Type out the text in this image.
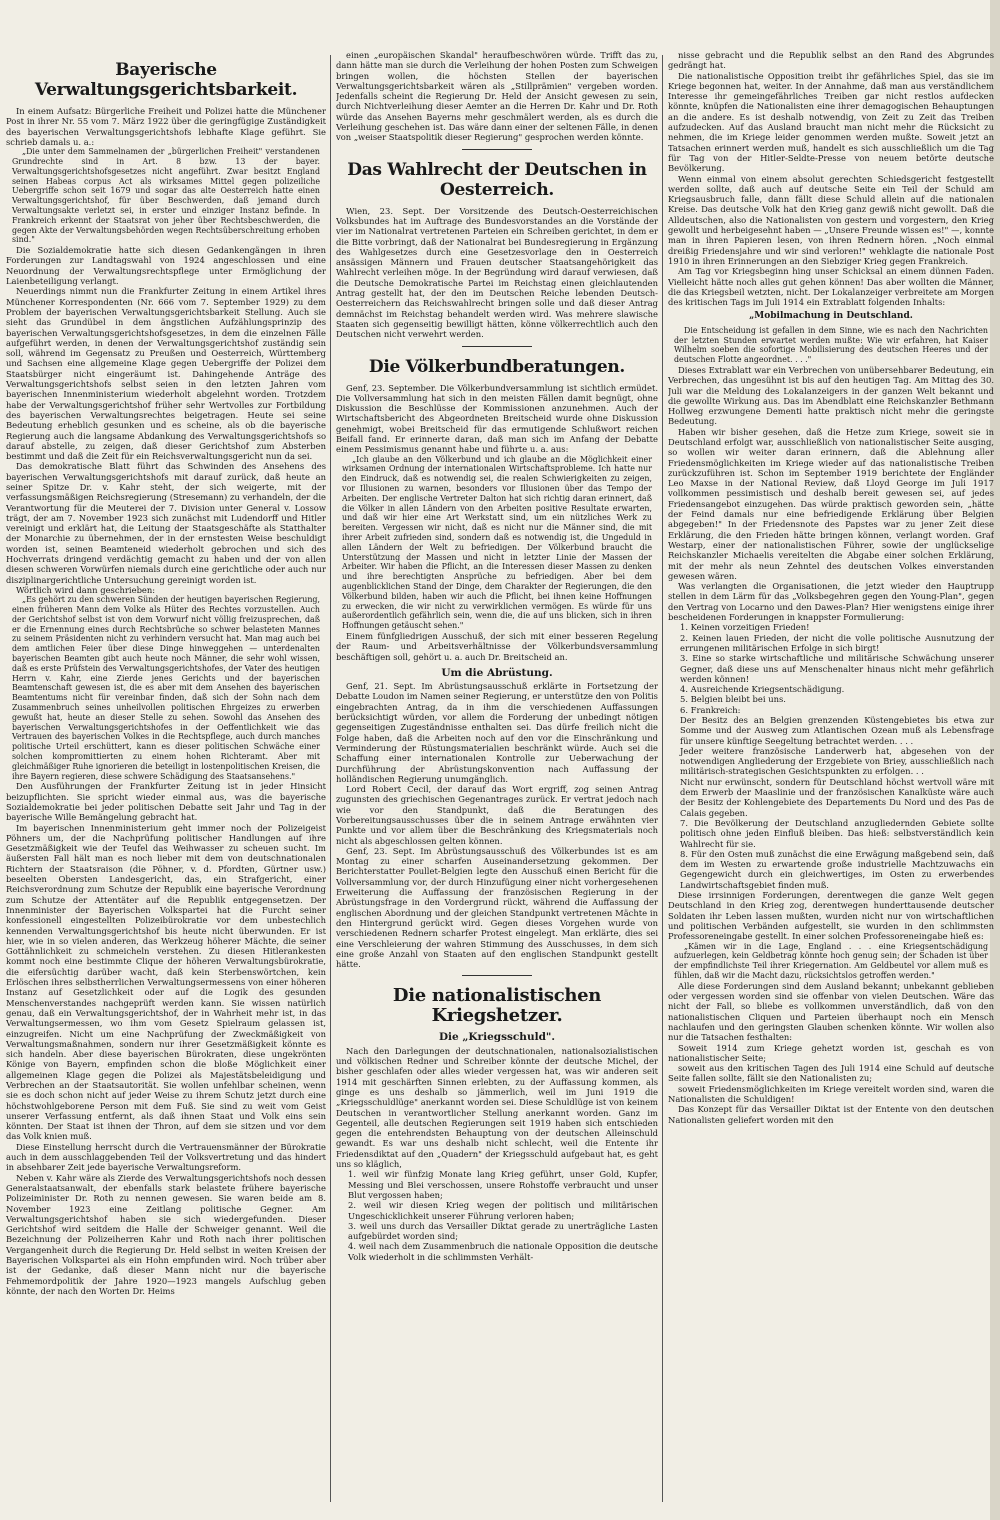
Bayerische Verwaltungsgerichtsbarkeit.

In einem Aufsatz: Bürgerliche Freiheit und Polizei hatte die Münchener Post in ihrer Nr. 55 vom 7. März 1922 über die geringfügige Zuständigkeit des bayerischen Verwaltungsgerichtshofs lebhafte Klage geführt. Sie schrieb damals u. a.:

„Die unter dem Sammelnamen der „bürgerlichen Freiheit" verstandenen Grundrechte sind in Art. 8 bzw. 13 der bayer. Verwaltungsgerichtshofsgesetzes nicht angeführt. Zwar besitzt England seinen Habeas corpus Act als wirksames Mittel gegen polizeiliche Uebergriffe schon seit 1679 und sogar das alte Oesterreich hatte einen Verwaltungsgerichtshof, für über Beschwerden, daß jemand durch Verwaltungsakte verletzt sei, in erster und einziger Instanz befinde. In Frankreich erkennt der Staatsrat von jeher über Rechtsbeschwerden, die gegen Akte der Verwaltungsbehörden wegen Rechtsüberschreitung erhoben sind."

Die Sozialdemokratie hatte sich diesen Gedankengängen in ihren Forderungen zur Landtagswahl von 1924 angeschlossen und eine Neuordnung der Verwaltungsrechtspflege unter Ermöglichung der Laienbeteiligung verlangt.

Neuerdings nimmt nun die Frankfurter Zeitung in einem Artikel ihres Münchener Korrespondenten (Nr. 666 vom 7. September 1929) zu dem Problem der bayerischen Verwaltungsgerichtsbarkeit Stellung. Auch sie sieht das Grundübel in dem ängstlichen Aufzählungsprinzip des bayerischen Verwaltungsgerichtshofsgesetzes, in dem die einzelnen Fälle aufgeführt werden, in denen der Verwaltungsgerichtshof zuständig sein soll, während im Gegensatz zu Preußen und Oesterreich, Württemberg und Sachsen eine allgemeine Klage gegen Uebergriffe der Polizei dem Staatsbürger nicht eingeräumt ist. Dahingehende Anträge des Verwaltungsgerichtshofs selbst seien in den letzten Jahren vom bayerischen Innenministerium wiederholt abgelehnt worden. Trotzdem habe der Verwaltungsgerichtshof früher sehr Wertvolles zur Fortbildung des bayerischen Verwaltungsrechtes beigetragen. Heute sei seine Bedeutung erheblich gesunken und es scheine, als ob die bayerische Regierung auch die langsame Abdankung des Verwaltungsgerichtshofs so darauf abstelle, zu zeigen, daß dieser Gerichtshof zum Absterben bestimmt und daß die Zeit für ein Reichsverwaltungsgericht nun da sei.

Das demokratische Blatt führt das Schwinden des Ansehens des bayerischen Verwaltungsgerichtshofs mit darauf zurück, daß heute an seiner Spitze Dr. v. Kahr steht, der sich weigerte, mit der verfassungsmäßigen Reichsregierung (Stresemann) zu verhandeln, der die Verantwortung für die Meuterei der 7. Division unter General v. Lossow trägt, der am 7. November 1923 sich zunächst mit Ludendorff und Hitler vereinigt und erklärt hat, die Leitung der Staatsgeschäfte als Statthalter der Monarchie zu übernehmen, der in der ernstesten Weise beschuldigt worden ist, seinen Beamteneid wiederholt gebrochen und sich des Hochverrats dringend verdächtig gemacht zu haben und der von allen diesen schweren Vorwürfen niemals durch eine gerichtliche oder auch nur disziplinargerichtliche Untersuchung gereinigt worden ist.

Wörtlich wird dann geschrieben:

„Es gehört zu den schweren Sünden der heutigen bayerischen Regierung, einen früheren Mann dem Volke als Hüter des Rechtes vorzustellen. Auch der Gerichtshof selbst ist von dem Vorwurf nicht völlig freizusprechen, daß er die Ernennung eines durch Rechtsbrüche so schwer belasteten Mannes zu seinem Präsidenten nicht zu verhindern versucht hat. Man mag auch bei dem amtlichen Feier über diese Dinge hinweggehen — unterdenalten bayerischen Beamten gibt auch heute noch Männer, die sehr wohl wissen, daß es erste Prüfstein des Verwaltungsgerichtshofes, der Vater des heutigen Herrn v. Kahr, eine Zierde jenes Gerichts und der bayerischen Beamtenschaft gewesen ist, die es aber mit dem Ansehen des bayerischen Beamtentums nicht für vereinbar finden, daß sich der Sohn nach dem Zusammenbruch seines unheilvollen politischen Ehrgeizes zu erwerben gewußt hat, heute an dieser Stelle zu sehen. Sowohl das Ansehen des bayerischen Verwaltungsgerichtshofes in der Oeffentlichkeit wie das Vertrauen des bayerischen Volkes in die Rechtspflege, auch durch manches politische Urteil erschüttert, kann es dieser politischen Schwäche einer solchen kompromittierten zu einem hohen Richteramt. Aber mit gleichmäßiger Ruhe ignorieren die beteiligt in lostenpolitischen Kreisen, die ihre Bayern regieren, diese schwere Schädigung des Staatsansehens."

Den Ausführungen der Frankfurter Zeitung ist in jeder Hinsicht beizupflichten. Sie spricht wieder einmal aus, was die bayerische Sozialdemokratie bei jeder politischen Debatte seit Jahr und Tag in der bayerische Wille Bemängelung gebracht hat.

Im bayerischen Innenministerium geht immer noch der Polizeigeist Pöhners um, der die Nachprüfung politischer Handlungen auf ihre Gesetzmäßigkeit wie der Teufel das Weihwasser zu scheuen sucht. Im äußersten Fall hält man es noch lieber mit dem von deutschnationalen Richtern der Staatsraison (die Pöhner, v. d. Pfordten, Gürtner usw.) beseelten Obersten Landesgericht, das, ein Strafgericht, einer Reichsverordnung zum Schutze der Republik eine bayerische Verordnung zum Schutze der Attentäter auf die Republik entgegensetzen. Der Innenminister der Bayerischen Volkspartei hat die Furcht seiner konfessionell eingestellten Polizeibürokratie vor dem unbestechlich kennenden Verwaltungsgerichtshof bis heute nicht überwunden. Er ist hier, wie in so vielen anderen, das Werkzeug höherer Mächte, die seiner Gottähnlichkeit zu schmeicheln verstehen. Zu diesen Hitlerankesten kommt noch eine bestimmte Clique der höheren Verwaltungsbürokratie, die eifersüchtig darüber wacht, daß kein Sterbenswörtchen, kein Erlöschen ihres selbstherrlichen Verwaltungsermessens von einer höheren Instanz auf Gesetzlichkeit oder auf die Logik des gesunden Menschenverstandes nachgeprüft werden kann. Sie wissen natürlich genau, daß ein Verwaltungsgerichtshof, der in Wahrheit mehr ist, in das Verwaltungsermessen, wo ihm vom Gesetz Spielraum gelassen ist, einzugreifen. Nicht um eine Nachprüfung der Zweckmäßigkeit von Verwaltungsmaßnahmen, sondern nur ihrer Gesetzmäßigkeit könnte es sich handeln. Aber diese bayerischen Bürokraten, diese ungekrönten Könige von Bayern, empfinden schon die bloße Möglichkeit einer allgemeinen Klage gegen die Polizei als Majestätsbeleidigung und Verbrechen an der Staatsautorität. Sie wollen unfehlbar scheinen, wenn sie es doch schon nicht auf jeder Weise zu ihrem Schutz jetzt durch eine höchstwohlgeborene Person mit dem Fuß. Sie sind zu weit vom Geist unserer Verfassung entfernt, als daß ihnen Staat und Volk eins sein könnten. Der Staat ist ihnen der Thron, auf dem sie sitzen und vor dem das Volk knien muß.

Diese Einstellung herrscht durch die Vertrauensmänner der Bürokratie auch in dem ausschlaggebenden Teil der Volksvertretung und das hindert in absehbarer Zeit jede bayerische Verwaltungsreform.

Neben v. Kahr wäre als Zierde des Verwaltungsgerichtshofs noch dessen Generalstaatsanwalt, der ebenfalls stark belastete frühere bayerische Polizeiminister Dr. Roth zu nennen gewesen. Sie waren beide am 8. November 1923 eine Zeitlang politische Gegner. Am Verwaltungsgerichtshof haben sie sich wiedergefunden. Dieser Gerichtshof wird seitdem die Halle der Schweiger genannt. Weil die Bezeichnung der Polizeiherren Kahr und Roth nach ihrer politischen Vergangenheit durch die Regierung Dr. Held selbst in weiten Kreisen der Bayerischen Volkspartei als ein Hohn empfunden wird. Noch trüber aber ist der Gedanke, daß dieser Mann nicht nur die bayerische Fehmemordpolitik der Jahre 1920—1923 mangels Aufschlug geben könnte, der nach den Worten Dr. Heims

einen „europäischen Skandal" heraufbeschwören würde. Trifft das zu, dann hätte man sie durch die Verleihung der hohen Posten zum Schweigen bringen wollen, die höchsten Stellen der bayerischen Verwaltungsgerichtsbarkeit wären als „Stillprämien" vergeben worden. Jedenfalls scheint die Regierung Dr. Held der Ansicht gewesen zu sein, durch Nichtverleihung dieser Aemter an die Herren Dr. Kahr und Dr. Roth würde das Ansehen Bayerns mehr geschmälert werden, als es durch die Verleihung geschehen ist. Das wäre dann einer der seltenen Fälle, in denen von „weiser Staatspolitik dieser Regierung" gesprochen werden könnte.

Das Wahlrecht der Deutschen in Oesterreich.

Wien, 23. Sept. Der Vorsitzende des Deutsch-Oesterreichischen Volksbundes hat im Auftrage des Bundesvorstandes an die Vorstände der vier im Nationalrat vertretenen Parteien ein Schreiben gerichtet, in dem er die Bitte vorbringt, daß der Nationalrat bei Bundesregierung in Ergänzung des Wahlgesetzes durch eine Gesetzesvorlage den in Oesterreich ansässigen Männern und Frauen deutscher Staatsangehörigkeit das Wahlrecht verleihen möge. In der Begründung wird darauf verwiesen, daß die Deutsche Demokratische Partei im Reichstag einen gleichlautenden Antrag gestellt hat, der den im Deutschen Reiche lebenden Deutsch-Oesterreichern das Reichswahlrecht bringen solle und daß dieser Antrag demnächst im Reichstag behandelt werden wird. Was mehrere slawische Staaten sich gegenseitig bewilligt hätten, könne völkerrechtlich auch den Deutschen nicht verwehrt werden.

Die Völkerbundberatungen.

Genf, 23. September. Die Völkerbundversammlung ist sichtlich ermüdet. Die Vollversammlung hat sich in den meisten Fällen damit begnügt, ohne Diskussion die Beschlüsse der Kommissionen anzunehmen. Auch der Wirtschaftsbericht des Abgeordneten Breitscheid wurde ohne Diskussion genehmigt, wobei Breitscheid für das ermutigende Schlußwort reichen Beifall fand. Er erinnerte daran, daß man sich im Anfang der Debatte einem Pessimismus genannt habe und führte u. a. aus:

„Ich glaube an den Völkerbund und ich glaube an die Möglichkeit einer wirksamen Ordnung der internationalen Wirtschaftsprobleme. Ich hatte nur den Eindruck, daß es notwendig sei, die realen Schwierigkeiten zu zeigen, vor Illusionen zu warnen, besonders vor Illusionen über das Tempo der Arbeiten. Der englische Vertreter Dalton hat sich richtig daran erinnert, daß die Völker in allen Ländern von den Arbeiten positive Resultate erwarten, und daß wir hier eine Art Werkstatt sind, um ein nützliches Werk zu bereiten. Vergessen wir nicht, daß es nicht nur die Männer sind, die mit ihrer Arbeit zufrieden sind, sondern daß es notwendig ist, die Ungeduld in allen Ländern der Welt zu befriedigen. Der Völkerbund braucht die Unterstützung der Massen und nicht in letzter Linie der Massen der Arbeiter. Wir haben die Pflicht, an die Interessen dieser Massen zu denken und ihre berechtigten Ansprüche zu befriedigen. Aber bei dem augenblicklichen Stand der Dinge, dem Charakter der Regierungen, die den Völkerbund bilden, haben wir auch die Pflicht, bei ihnen keine Hoffnungen zu erwecken, die wir nicht zu verwirklichen vermögen. Es würde für uns außerordentlich gefährlich sein, wenn die, die auf uns blicken, sich in ihren Hoffnungen getäuscht sehen."

Einem fünfgliedrigen Ausschuß, der sich mit einer besseren Regelung der Raum- und Arbeitsverhältnisse der Völkerbundsversammlung beschäftigen soll, gehört u. a. auch Dr. Breitscheid an.

Um die Abrüstung.

Genf, 21. Sept. Im Abrüstungsausschuß erklärte in Fortsetzung der Debatte Loudon im Namen seiner Regierung, er unterstütze den von Politis eingebrachten Antrag, da in ihm die verschiedenen Auffassungen berücksichtigt würden, vor allem die Forderung der unbedingt nötigen gegenseitigen Zugeständnisse enthalten sei. Das dürfe freilich nicht die Folge haben, daß die Arbeiten noch auf den vor die Einschränkung und Verminderung der Rüstungsmaterialien beschränkt würde. Auch sei die Schaffung einer internationalen Kontrolle zur Ueberwachung der Durchführung der Abrüstungskonvention nach Auffassung der holländischen Regierung unumgänglich.

Lord Robert Cecil, der darauf das Wort ergriff, zog seinen Antrag zugunsten des griechischen Gegenantrages zurück. Er vertrat jedoch nach wie vor den Standpunkt, daß die Beratungen des Vorbereitungsausschusses über die in seinem Antrage erwähnten vier Punkte und vor allem über die Beschränkung des Kriegsmaterials noch nicht als abgeschlossen gelten können.

Genf, 23. Sept. Im Abrüstungsausschuß des Völkerbundes ist es am Montag zu einer scharfen Auseinandersetzung gekommen. Der Berichterstatter Poullet-Belgien legte den Ausschuß einen Bericht für die Vollversammlung vor, der durch Hinzufügung einer nicht vorhergesehenen Erweiterung die Auffassung der französischen Regierung in der Abrüstungsfrage in den Vordergrund rückt, während die Auffassung der englischen Abordnung und der gleichen Standpunkt vertretenen Mächte in den Hintergrund gerückt wird. Gegen dieses Vorgehen wurde von verschiedenen Rednern scharfer Protest eingelegt. Man erklärte, dies sei eine Verschleierung der wahren Stimmung des Ausschusses, in dem sich eine große Anzahl von Staaten auf den englischen Standpunkt gestellt hätte.

Die nationalistischen Kriegshetzer.
Die „Kriegsschuld".

Nach den Darlegungen der deutschnationalen, nationalsozialistischen und völkischen Redner und Schreiber könnte der deutsche Michel, der bisher geschlafen oder alles wieder vergessen hat, was wir anderen seit 1914 mit geschärften Sinnen erlebten, zu der Auffassung kommen, als ginge es uns deshalb so jämmerlich, weil im Juni 1919 die „Kriegsschuldlüge" anerkannt worden sei. Diese Schuldlüge ist von keinem Deutschen in verantwortlicher Stellung anerkannt worden. Ganz im Gegenteil, alle deutschen Regierungen seit 1919 haben sich entschieden gegen die entehrendsten Behauptung von der deutschen Alleinschuld gewandt. Es war uns deshalb nicht schlecht, weil die Entente ihr Friedensdiktat auf den „Quadern" der Kriegsschuld aufgebaut hat, es geht uns so kläglich,

1. weil wir fünfzig Monate lang Krieg geführt, unser Gold, Kupfer, Messing und Blei verschossen, unsere Rohstoffe verbraucht und unser Blut vergossen haben;

2. weil wir diesen Krieg wegen der politisch und militärischen Ungeschicklichkeit unserer Führung verloren haben;

3. weil uns durch das Versailler Diktat gerade zu unerträgliche Lasten aufgebürdet worden sind;

4. weil nach dem Zusammenbruch die nationale Opposition die deutsche Volk wiederholt in die schlimmsten Verhält-

nisse gebracht und die Republik selbst an den Rand des Abgrundes gedrängt hat.

Die nationalistische Opposition treibt ihr gefährliches Spiel, das sie im Kriege begonnen hat, weiter. In der Annahme, daß man aus verständlichem Interesse ihr gemeingefährliches Treiben gar nicht restlos aufdecken könnte, knüpfen die Nationalisten eine ihrer demagogischen Behauptungen an die andere. Es ist deshalb notwendig, von Zeit zu Zeit das Treiben aufzudecken. Auf das Ausland braucht man nicht mehr die Rücksicht zu nehmen, die im Kriege leider genommen werden mußte. Soweit jetzt an Tatsachen erinnert werden muß, handelt es sich ausschließlich um die Tag für Tag von der Hitler-Seldte-Presse von neuem betörte deutsche Bevölkerung.

Wenn einmal von einem absolut gerechten Schiedsgericht festgestellt werden sollte, daß auch auf deutsche Seite ein Teil der Schuld am Kriegsausbruch falle, dann fällt diese Schuld allein auf die nationalen Kreise. Das deutsche Volk hat den Krieg ganz gewiß nicht gewollt. Daß die Alldeutschen, also die Nationalisten von gestern und vorgestern, den Krieg gewollt und herbeigesehnt haben — „Unsere Freunde wissen es!" —, konnte man in ihren Papieren lesen, von ihren Rednern hören. „Noch einmal dreißig Friedensjahre und wir sind verloren!" wehklagte die nationale Post 1910 in ihren Erinnerungen an den Siebziger Krieg gegen Frankreich.

Am Tag vor Kriegsbeginn hing unser Schicksal an einem dünnen Faden. Vielleicht hätte noch alles gut gehen können! Das aber wollten die Männer, die das Kriegsbeil wetzten, nicht. Der Lokalanzeiger verbreitete am Morgen des kritischen Tags im Juli 1914 ein Extrablatt folgenden Inhalts:

„Mobilmachung in Deutschland.

Die Entscheidung ist gefallen in dem Sinne, wie es nach den Nachrichten der letzten Stunden erwartet werden mußte: Wie wir erfahren, hat Kaiser Wilhelm soeben die sofortige Mobilisierung des deutschen Heeres und der deutschen Flotte angeordnet. . . ."

Dieses Extrablatt war ein Verbrechen von unübersehbarer Bedeutung, ein Verbrechen, das ungesühnt ist bis auf den heutigen Tag. Am Mittag des 30. Juli war die Meldung des Lokalanzeigers in der ganzen Welt bekannt und die gewollte Wirkung aus. Das im Abendblatt eine Reichskanzler Bethmann Hollweg erzwungene Dementi hatte praktisch nicht mehr die geringste Bedeutung.

Haben wir bisher gesehen, daß die Hetze zum Kriege, soweit sie in Deutschland erfolgt war, ausschließlich von nationalistischer Seite ausging, so wollen wir weiter daran erinnern, daß die Ablehnung aller Friedensmöglichkeiten im Kriege wieder auf das nationalistische Treiben zurückzuführen ist. Schon im September 1919 berichtete der Engländer Leo Maxse in der National Review, daß Lloyd George im Juli 1917 vollkommen pessimistisch und deshalb bereit gewesen sei, auf jedes Friedensangebot einzugehen. Das würde praktisch geworden sein, „hätte der Feind damals nur eine befriedigende Erklärung über Belgien abgegeben!" In der Friedensnote des Papstes war zu jener Zeit diese Erklärung, die den Frieden hätte bringen können, verlangt worden. Graf Westarp, einer der nationalistischen Führer, sowie der unglückselige Reichskanzler Michaelis vereitelten die Abgabe einer solchen Erklärung, mit der mehr als neun Zehntel des deutschen Volkes einverstanden gewesen wären.

Was verlangten die Organisationen, die jetzt wieder den Hauptrupp stellen in dem Lärm für das „Volksbegehren gegen den Young-Plan", gegen den Vertrag von Locarno und den Dawes-Plan? Hier wenigstens einige ihrer bescheidenen Forderungen in knappster Formulierung:

1. Keinen vorzeitigen Frieden!

2. Keinen lauen Frieden, der nicht die volle politische Ausnutzung der errungenen militärischen Erfolge in sich birgt!

3. Eine so starke wirtschaftliche und militärische Schwächung unserer Gegner, daß diese uns auf Menschenalter hinaus nicht mehr gefährlich werden können!

4. Ausreichende Kriegsentschädigung.

5. Belgien bleibt bei uns.

6. Frankreich:

Der Besitz des an Belgien grenzenden Küstengebietes bis etwa zur Somme und der Ausweg zum Atlantischen Ozean muß als Lebensfrage für unsere künftige Seegeltung betrachtet werden. . . .

Jeder weitere französische Landerwerb hat, abgesehen von der notwendigen Angliederung der Erzgebiete von Briey, ausschließlich nach militärisch-strategischen Gesichtspunkten zu erfolgen. . .

Nicht nur erwünscht, sondern für Deutschland höchst wertvoll wäre mit dem Erwerb der Maaslinie und der französischen Kanalküste wäre auch der Besitz der Kohlengebiete des Departements Du Nord und des Pas de Calais gegeben.

7. Die Bevölkerung der Deutschland anzugliedernden Gebiete sollte politisch ohne jeden Einfluß bleiben. Das hieß: selbstverständlich kein Wahlrecht für sie.

8. Für den Osten muß zunächst die eine Erwägung maßgebend sein, daß dem im Westen zu erwartende große industrielle Machtzuwachs ein Gegengewicht durch ein gleichwertiges, im Osten zu erwerbendes Landwirtschaftsgebiet finden muß.

Diese irrsinnigen Forderungen, derentwegen die ganze Welt gegen Deutschland in den Krieg zog, derentwegen hunderttausende deutscher Soldaten ihr Leben lassen mußten, wurden nicht nur von wirtschaftlichen und politischen Verbänden aufgestellt, sie wurden in den schlimmsten Professoreneingabe gestellt. In einer solchen Professoreneingabe hieß es:

„Kämen wir in die Lage, England . . . eine Kriegsentschädigung aufzuerlegen, kein Geldbetrag könnte hoch genug sein; der Schaden ist über der empfindlichste Teil ihrer Kriegernation. Am Geldbeutel vor allem muß es fühlen, daß wir die Macht dazu, rücksichtslos getroffen werden."

Alle diese Forderungen sind dem Ausland bekannt; unbekannt geblieben oder vergessen worden sind sie offenbar von vielen Deutschen. Wäre das nicht der Fall, so bliebe es vollkommen unverständlich, daß von den nationalistischen Cliquen und Parteien überhaupt noch ein Mensch nachlaufen und den geringsten Glauben schenken könnte. Wir wollen also nur die Tatsachen festhalten:

Soweit 1914 zum Kriege gehetzt worden ist, geschah es von nationalistischer Seite;

soweit aus den kritischen Tagen des Juli 1914 eine Schuld auf deutsche Seite fallen sollte, fällt sie den Nationalisten zu;

soweit Friedensmöglichkeiten im Kriege vereitelt worden sind, waren die Nationalisten die Schuldigen!

Das Konzept für das Versailler Diktat ist der Entente von den deutschen Nationalisten geliefert worden mit den
